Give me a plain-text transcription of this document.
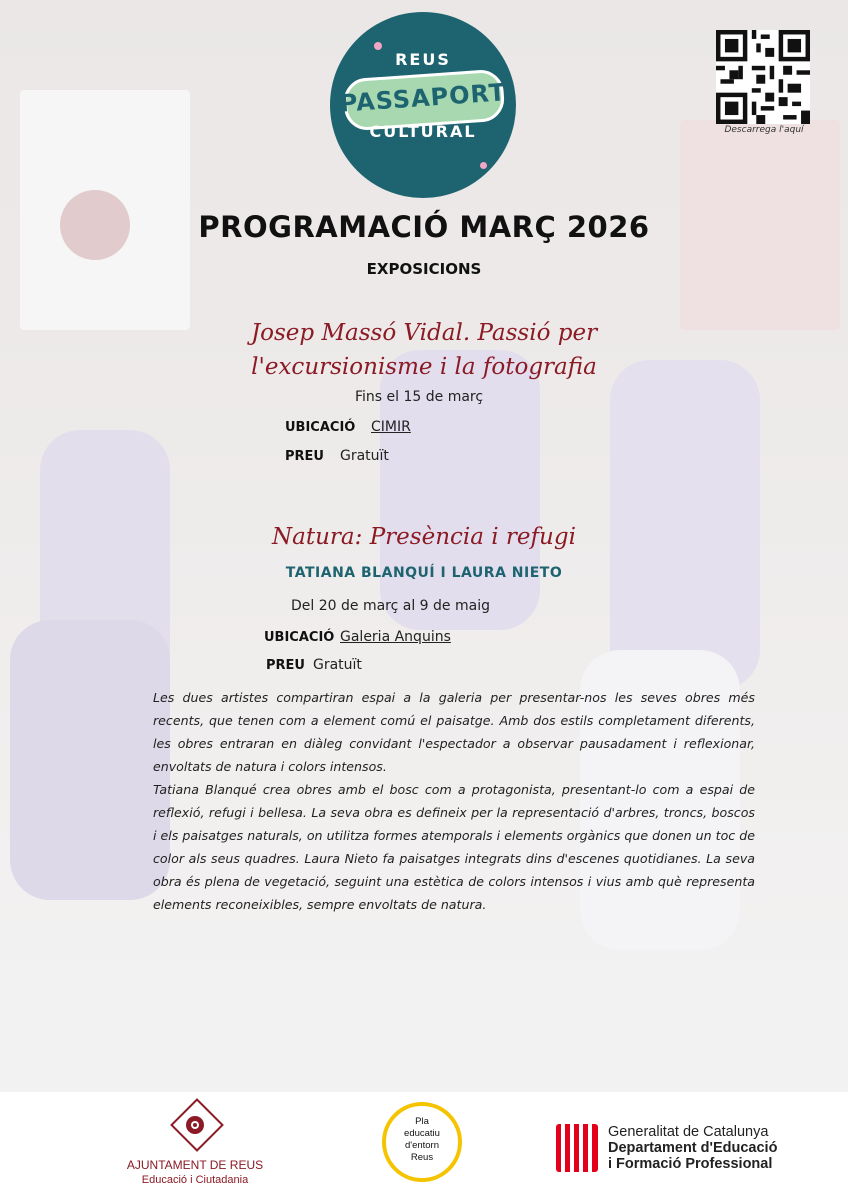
REUS
PASSAPORT
CULTURAL	Descarrega l'aquí
PROGRAMACIÓ MARÇ 2026
EXPOSICIONS
Josep Massó Vidal. Passió per
l'excursionisme i la fotografia
Fins el 15 de març
UBICACIÓ CIMIR
PREU Gratuït
Natura: Presència i refugi
TATIANA BLANQUÍ I LAURA NIETO
Del 20 de març al 9 de maig
UBICACIÓ Galeria Anquins
PREU Gratuït

Les dues artistes compartiran espai a la galeria per presentar-nos les seves obres més recents, que tenen com a element comú el paisatge. Amb dos estils completament diferents, les obres entraran en diàleg convidant l'espectador a observar pausadament i reflexionar, envoltats de natura i colors intensos.

Tatiana Blanqué crea obres amb el bosc com a protagonista, presentant-lo com a espai de reflexió, refugi i bellesa. La seva obra es defineix per la representació d'arbres, troncs, boscos i els paisatges naturals, on utilitza formes atemporals i elements orgànics que donen un toc de color als seus quadres. Laura Nieto fa paisatges integrats dins d'escenes quotidianes. La seva obra és plena de vegetació, seguint una estètica de colors intensos i vius amb què representa elements reconeixibles, sempre envoltats de natura.

AJUNTAMENT DE REUS
Educació i Ciutadania
Pla
educatiu
d'entorn
Reus
Generalitat de Catalunya
Departament d'Educació
i Formació Professional
